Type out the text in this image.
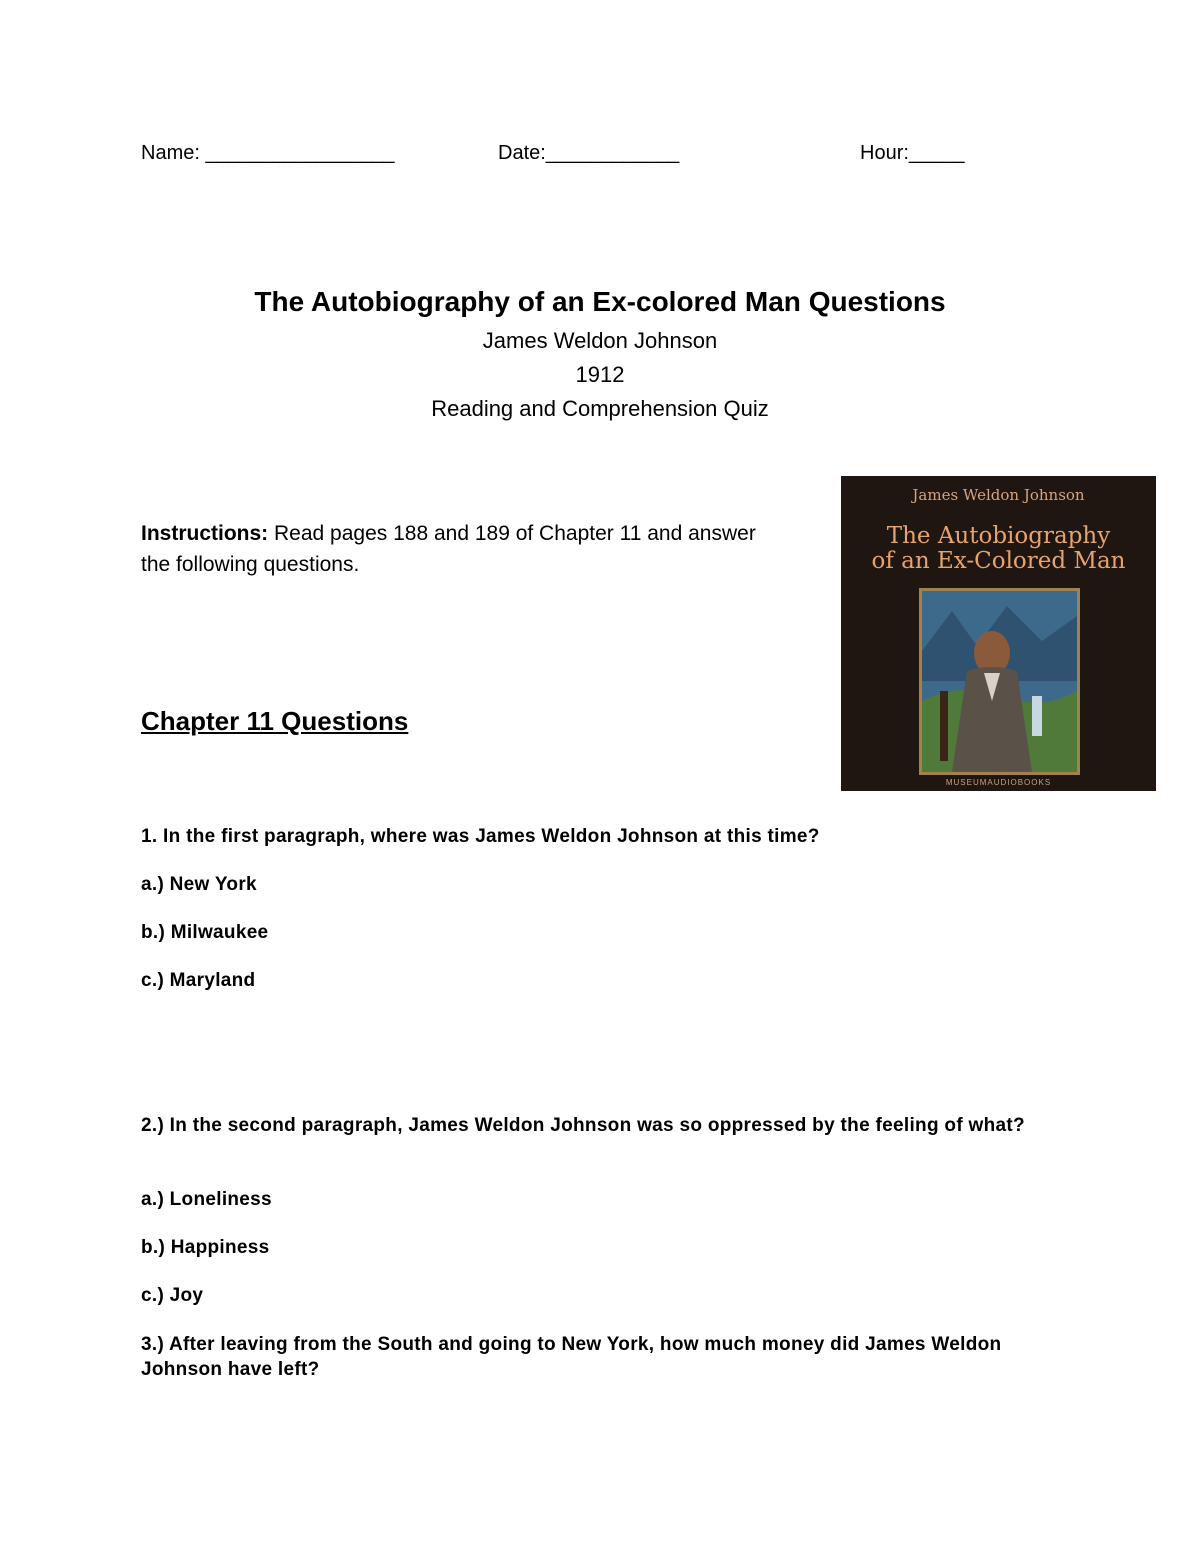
Name: _________________	Date:____________	Hour:_____
The Autobiography of an Ex-colored Man Questions
James Weldon Johnson
1912
Reading and Comprehension Quiz
Instructions: Read pages 188 and 189 of Chapter 11 and answer the following questions.
James Weldon Johnson
The Autobiography
of an Ex-Colored Man
MUSEUMAUDIOBOOKS
Chapter 11 Questions
1. In the first paragraph, where was James Weldon Johnson at this time?
a.) New York
b.) Milwaukee
c.) Maryland
2.) In the second paragraph, James Weldon Johnson was so oppressed by the feeling of what?
a.) Loneliness
b.) Happiness
c.) Joy
3.) After leaving from the South and going to New York, how much money did James Weldon Johnson have left?
